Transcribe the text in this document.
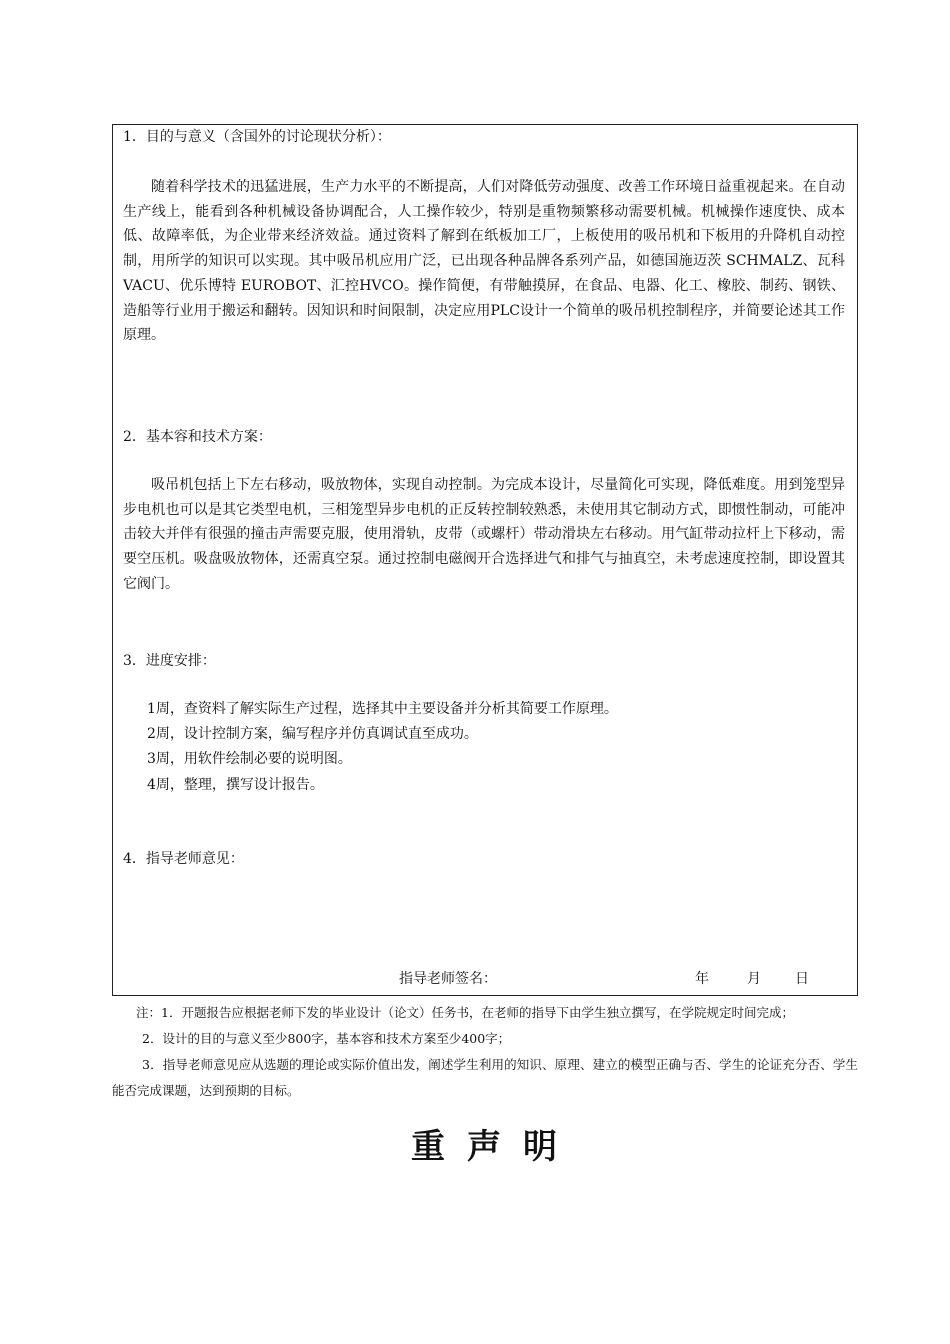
1．目的与意义（含国外的讨论现状分析）：
随着科学技术的迅猛进展，生产力水平的不断提高，人们对降低劳动强度、改善工作环境日益重视起来。在自动生产线上，能看到各种机械设备协调配合，人工操作较少，特别是重物频繁移动需要机械。机械操作速度快、成本低、故障率低，为企业带来经济效益。通过资料了解到在纸板加工厂，上板使用的吸吊机和下板用的升降机自动控制，用所学的知识可以实现。其中吸吊机应用广泛，已出现各种品牌各系列产品，如德国施迈茨 SCHMALZ、瓦科 VACU、优乐博特 EUROBOT、汇控HVCO。操作简便，有带触摸屏，在食品、电器、化工、橡胶、制药、钢铁、造船等行业用于搬运和翻转。因知识和时间限制，决定应用PLC设计一个简单的吸吊机控制程序，并简要论述其工作原理。
2．基本容和技术方案：
吸吊机包括上下左右移动，吸放物体，实现自动控制。为完成本设计，尽量简化可实现，降低难度。用到笼型异步电机也可以是其它类型电机，三相笼型异步电机的正反转控制较熟悉，未使用其它制动方式，即惯性制动，可能冲击较大并伴有很强的撞击声需要克服，使用滑轨，皮带（或螺杆）带动滑块左右移动。用气缸带动拉杆上下移动，需要空压机。吸盘吸放物体，还需真空泵。通过控制电磁阀开合选择进气和排气与抽真空，未考虑速度控制，即设置其它阀门。
3．进度安排：
1周，查资料了解实际生产过程，选择其中主要设备并分析其简要工作原理。
2周，设计控制方案，编写程序并仿真调试直至成功。
3周，用软件绘制必要的说明图。
4周，整理，撰写设计报告。
4．指导老师意见：
指导老师签名：	年	月 日
注：1．开题报告应根据老师下发的毕业设计（论文）任务书，在老师的指导下由学生独立撰写，在学院规定时间完成；
2．设计的目的与意义至少800字，基本容和技术方案至少400字；
3．指导老师意见应从选题的理论或实际价值出发，阐述学生利用的知识、原理、建立的模型正确与否、学生的论证充分否、学生能否完成课题，达到预期的目标。
重声明
